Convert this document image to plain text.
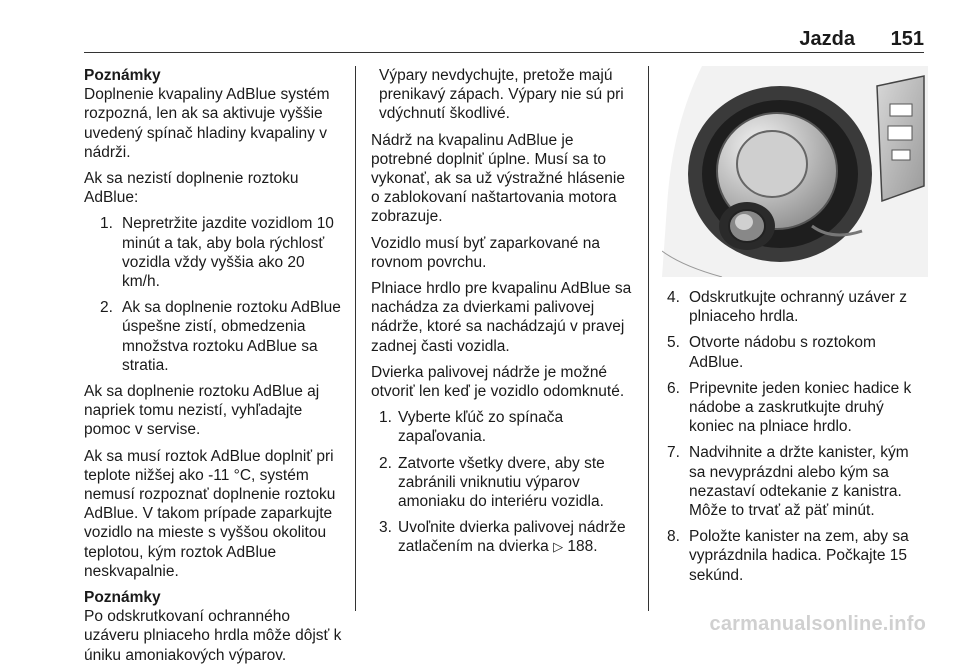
Jazda 151

Poznámky

Doplnenie kvapaliny AdBlue systém rozpozná, len ak sa aktivuje vyššie uvedený spínač hladiny kvapaliny v nádrži.

Ak sa nezistí doplnenie roztoku AdBlue:

1. Nepretržite jazdite vozidlom 10 minút a tak, aby bola rýchlosť vozidla vždy vyššia ako 20 km/h.
2. Ak sa doplnenie roztoku AdBlue úspešne zistí, obmedzenia množstva roztoku AdBlue sa stratia.

Ak sa doplnenie roztoku AdBlue aj napriek tomu nezistí, vyhľadajte pomoc v servise.

Ak sa musí roztok AdBlue doplniť pri teplote nižšej ako -11 °C, systém nemusí rozpoznať doplnenie roztoku AdBlue. V takom prípade zaparkujte vozidlo na mieste s vyššou okolitou teplotou, kým roztok AdBlue neskvapalnie.

Poznámky

Po odskrutkovaní ochranného uzáveru plniaceho hrdla môže dôjsť k úniku amoniakových výparov.

Výpary nevdychujte, pretože majú prenikavý zápach. Výpary nie sú pri vdýchnutí škodlivé.

Nádrž na kvapalinu AdBlue je potrebné doplniť úplne. Musí sa to vykonať, ak sa už výstražné hlásenie o zablokovaní naštartovania motora zobrazuje.

Vozidlo musí byť zaparkované na rovnom povrchu.

Plniace hrdlo pre kvapalinu AdBlue sa nachádza za dvierkami palivovej nádrže, ktoré sa nachádzajú v pravej zadnej časti vozidla.

Dvierka palivovej nádrže je možné otvoriť len keď je vozidlo odomknuté.

1. Vyberte kľúč zo spínača zapaľovania.
2. Zatvorte všetky dvere, aby ste zabránili vniknutiu výparov amoniaku do interiéru vozidla.
3. Uvoľnite dvierka palivovej nádrže zatlačením na dvierka ▷ 188.
4. Odskrutkujte ochranný uzáver z plniaceho hrdla.
5. Otvorte nádobu s roztokom AdBlue.
6. Pripevnite jeden koniec hadice k nádobe a zaskrutkujte druhý koniec na plniace hrdlo.
7. Nadvihnite a držte kanister, kým sa nevyprázdni alebo kým sa nezastaví odtekanie z kanistra. Môže to trvať až päť minút.
8. Položte kanister na zem, aby sa vyprázdnila hadica. Počkajte 15 sekúnd.
carmanualsonline.info
